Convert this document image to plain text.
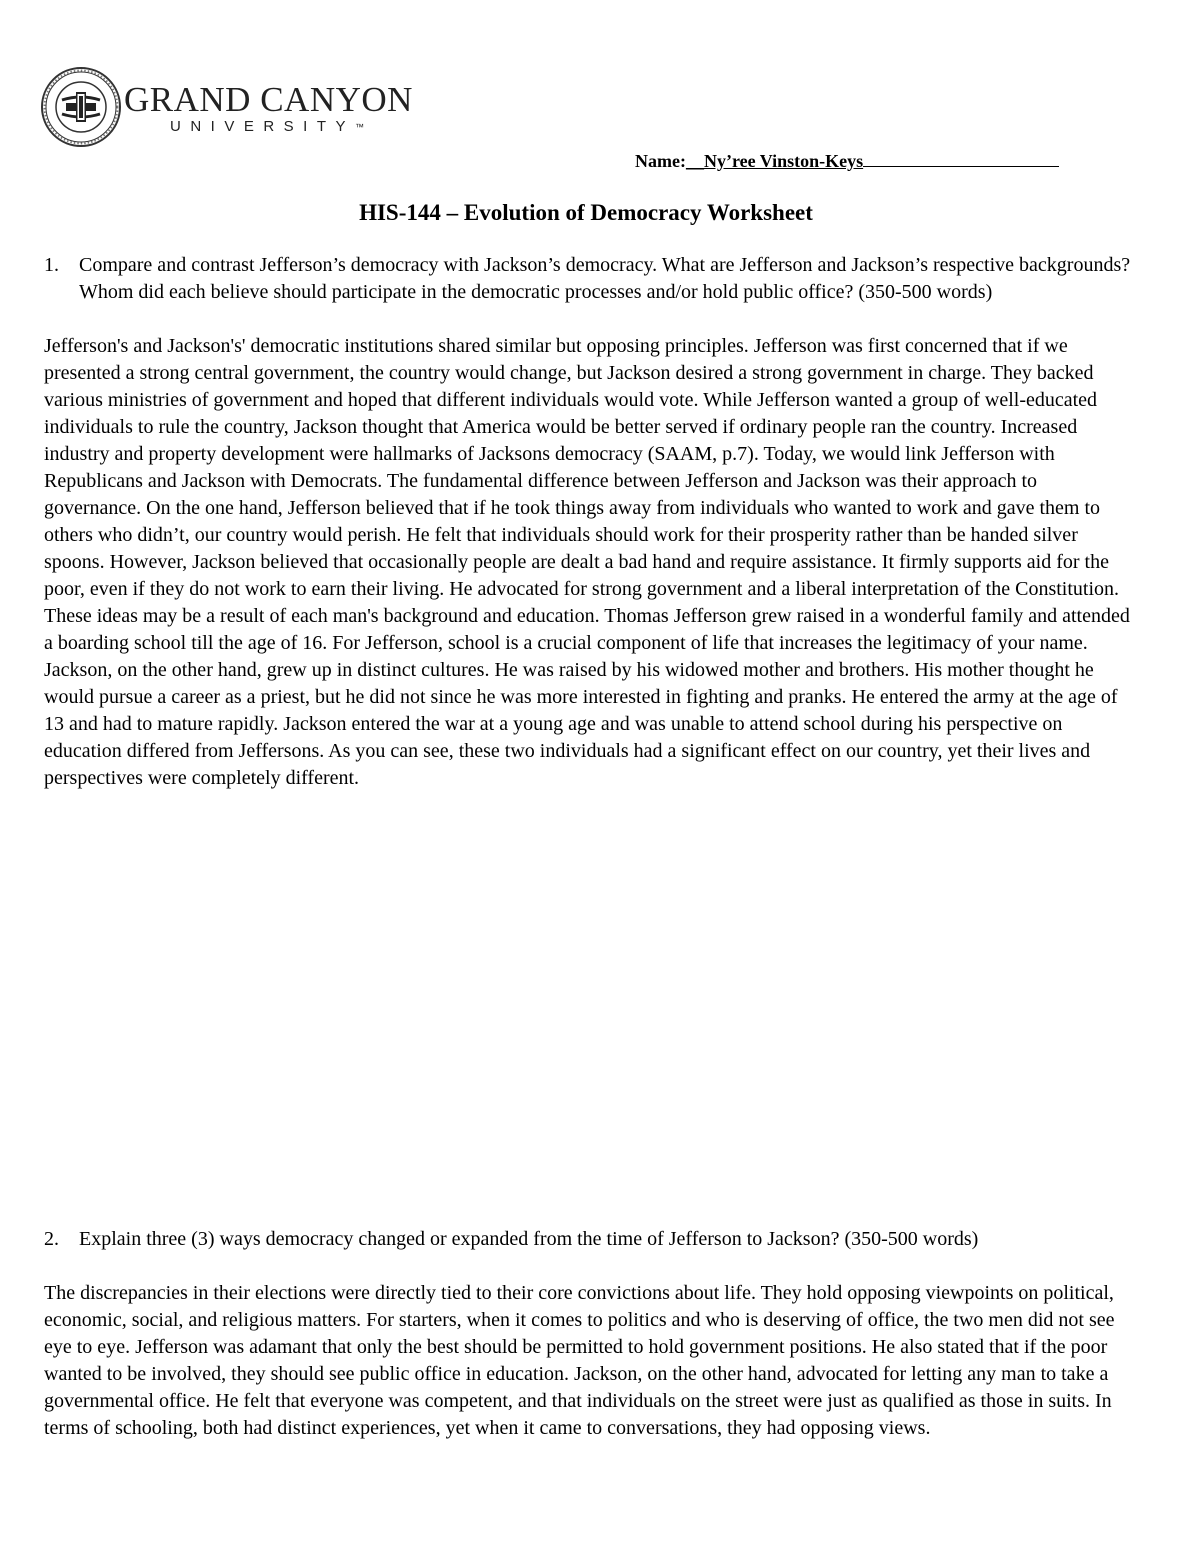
GRAND CANYON
UNIVERSITY™
Name:__Ny’ree Vinston-Keys
HIS-144 – Evolution of Democracy Worksheet
1. Compare and contrast Jefferson’s democracy with Jackson’s democracy. What are Jefferson and Jackson’s respective backgrounds? Whom did each believe should participate in the democratic processes and/or hold public office? (350-500 words)

Jefferson's and Jackson's' democratic institutions shared similar but opposing principles. Jefferson was first concerned that if we presented a strong central government, the country would change, but Jackson desired a strong government in charge. They backed various ministries of government and hoped that different individuals would vote. While Jefferson wanted a group of well-educated individuals to rule the country, Jackson thought that America would be better served if ordinary people ran the country. Increased industry and property development were hallmarks of Jacksons democracy (SAAM, p.7). Today, we would link Jefferson with Republicans and Jackson with Democrats. The fundamental difference between Jefferson and Jackson was their approach to governance. On the one hand, Jefferson believed that if he took things away from individuals who wanted to work and gave them to others who didn’t, our country would perish. He felt that individuals should work for their prosperity rather than be handed silver spoons. However, Jackson believed that occasionally people are dealt a bad hand and require assistance. It firmly supports aid for the poor, even if they do not work to earn their living. He advocated for strong government and a liberal interpretation of the Constitution. These ideas may be a result of each man's background and education. Thomas Jefferson grew raised in a wonderful family and attended a boarding school till the age of 16. For Jefferson, school is a crucial component of life that increases the legitimacy of your name. Jackson, on the other hand, grew up in distinct cultures. He was raised by his widowed mother and brothers. His mother thought he would pursue a career as a priest, but he did not since he was more interested in fighting and pranks. He entered the army at the age of 13 and had to mature rapidly. Jackson entered the war at a young age and was unable to attend school during his perspective on education differed from Jeffersons. As you can see, these two individuals had a significant effect on our country, yet their lives and perspectives were completely different.

2. Explain three (3) ways democracy changed or expanded from the time of Jefferson to Jackson? (350-500 words)

The discrepancies in their elections were directly tied to their core convictions about life. They hold opposing viewpoints on political, economic, social, and religious matters. For starters, when it comes to politics and who is deserving of office, the two men did not see eye to eye. Jefferson was adamant that only the best should be permitted to hold government positions. He also stated that if the poor wanted to be involved, they should see public office in education. Jackson, on the other hand, advocated for letting any man to take a governmental office. He felt that everyone was competent, and that individuals on the street were just as qualified as those in suits. In terms of schooling, both had distinct experiences, yet when it came to conversations, they had opposing views.
